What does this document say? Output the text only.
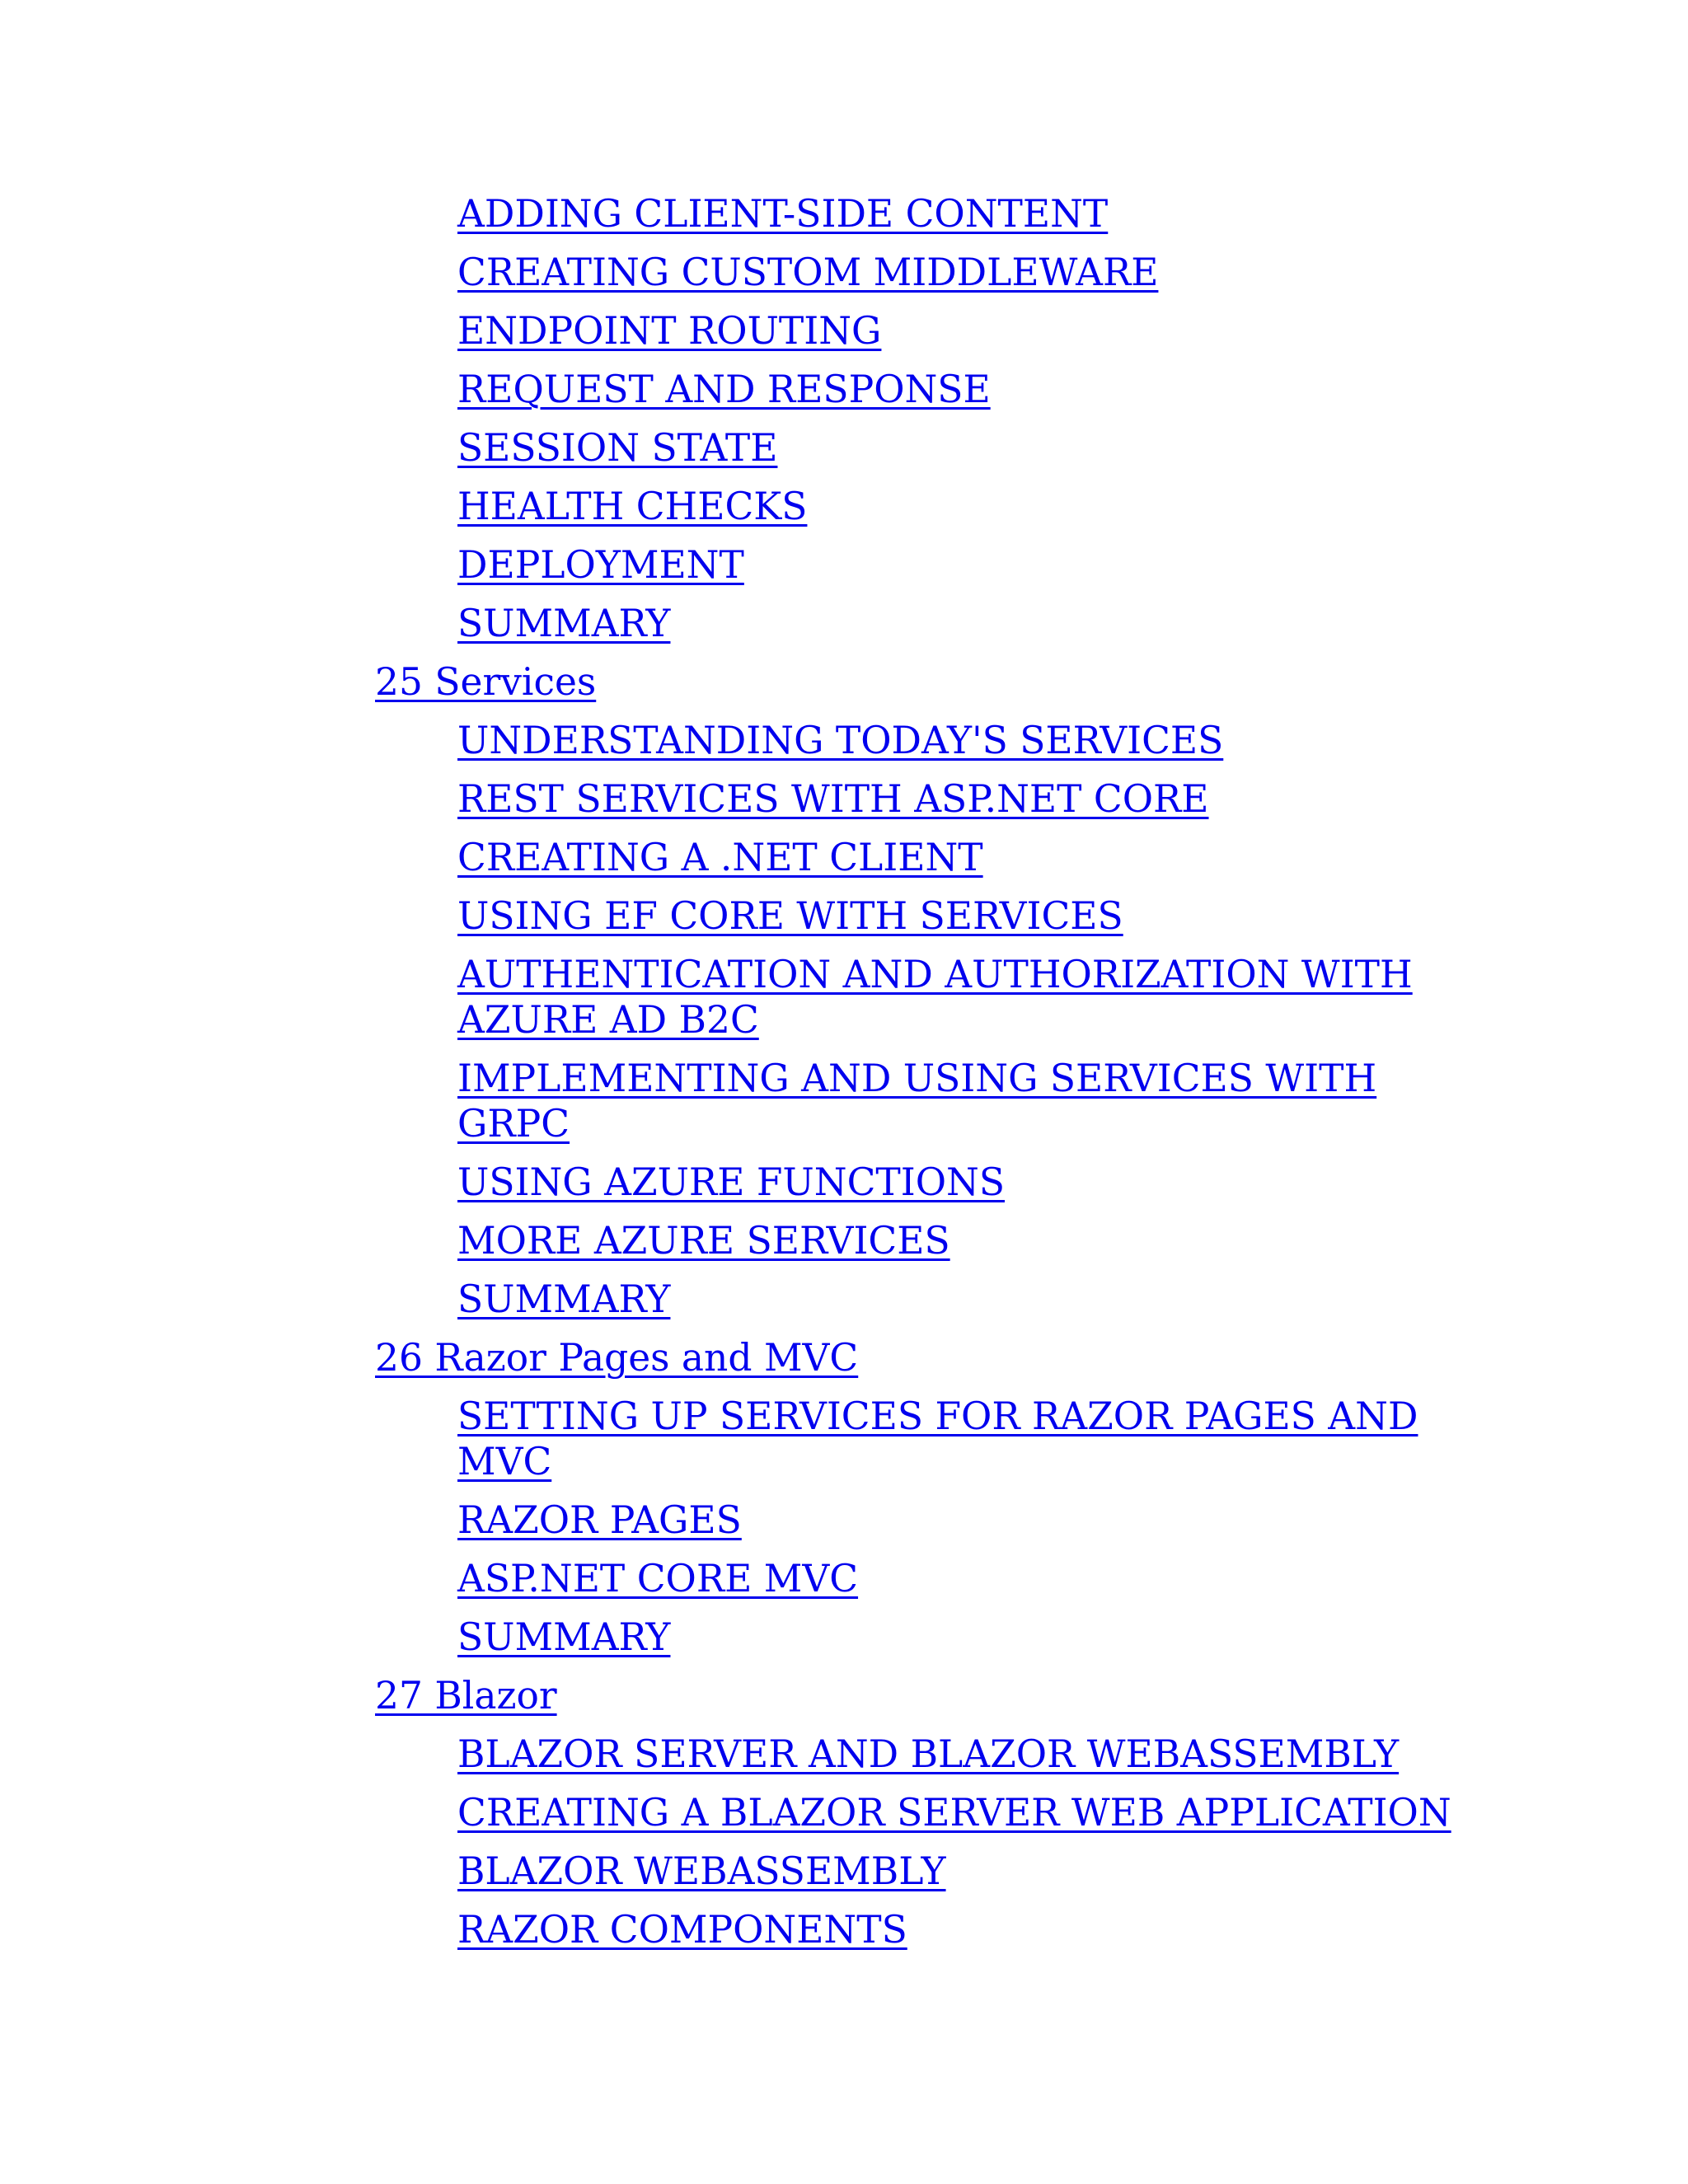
ADDING CLIENT-SIDE CONTENT
CREATING CUSTOM MIDDLEWARE
ENDPOINT ROUTING
REQUEST AND RESPONSE
SESSION STATE
HEALTH CHECKS
DEPLOYMENT
SUMMARY
25 Services
UNDERSTANDING TODAY'S SERVICES
REST SERVICES WITH ASP.NET CORE
CREATING A .NET CLIENT
USING EF CORE WITH SERVICES
AUTHENTICATION AND AUTHORIZATION WITH AZURE AD B2C
IMPLEMENTING AND USING SERVICES WITH GRPC
USING AZURE FUNCTIONS
MORE AZURE SERVICES
SUMMARY
26 Razor Pages and MVC
SETTING UP SERVICES FOR RAZOR PAGES AND MVC
RAZOR PAGES
ASP.NET CORE MVC
SUMMARY
27 Blazor
BLAZOR SERVER AND BLAZOR WEBASSEMBLY
CREATING A BLAZOR SERVER WEB APPLICATION
BLAZOR WEBASSEMBLY
RAZOR COMPONENTS
